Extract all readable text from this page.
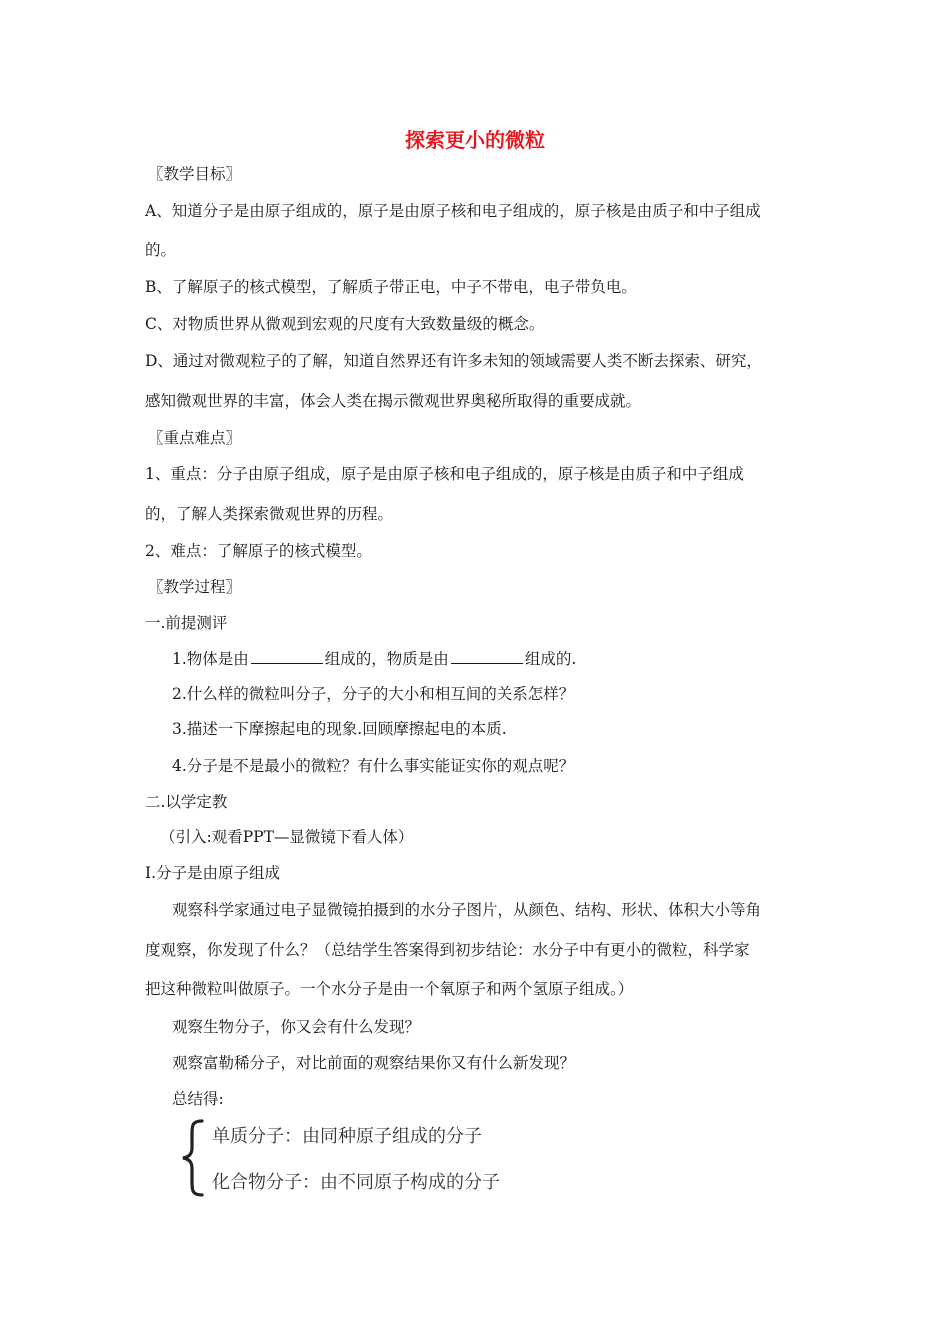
探索更小的微粒
〖教学目标〗
A、知道分子是由原子组成的，原子是由原子核和电子组成的，原子核是由质子和中子组成
的。
B、了解原子的核式模型，了解质子带正电，中子不带电，电子带负电。
C、对物质世界从微观到宏观的尺度有大致数量级的概念。
D、通过对微观粒子的了解，知道自然界还有许多未知的领域需要人类不断去探索、研究，
感知微观世界的丰富，体会人类在揭示微观世界奥秘所取得的重要成就。
〖重点难点〗
1、重点：分子由原子组成，原子是由原子核和电子组成的，原子核是由质子和中子组成
的，了解人类探索微观世界的历程。
2、难点：了解原子的核式模型。
〖教学过程〗
一.前提测评
1.物体是由	组成的，物质是由	组成的.
2.什么样的微粒叫分子，分子的大小和相互间的关系怎样？
3.描述一下摩擦起电的现象.回顾摩擦起电的本质.
4.分子是不是最小的微粒？有什么事实能证实你的观点呢？
二.以学定教
（引入:观看PPT—显微镜下看人体）
Ⅰ.分子是由原子组成
观察科学家通过电子显微镜拍摄到的水分子图片，从颜色、结构、形状、体积大小等角
度观察，你发现了什么？（总结学生答案得到初步结论：水分子中有更小的微粒，科学家
把这种微粒叫做原子。一个水分子是由一个氧原子和两个氢原子组成。）
观察生物分子，你又会有什么发现？
观察富勒稀分子，对比前面的观察结果你又有什么新发现？
总结得:
单质分子：由同种原子组成的分子
化合物分子：由不同原子构成的分子
